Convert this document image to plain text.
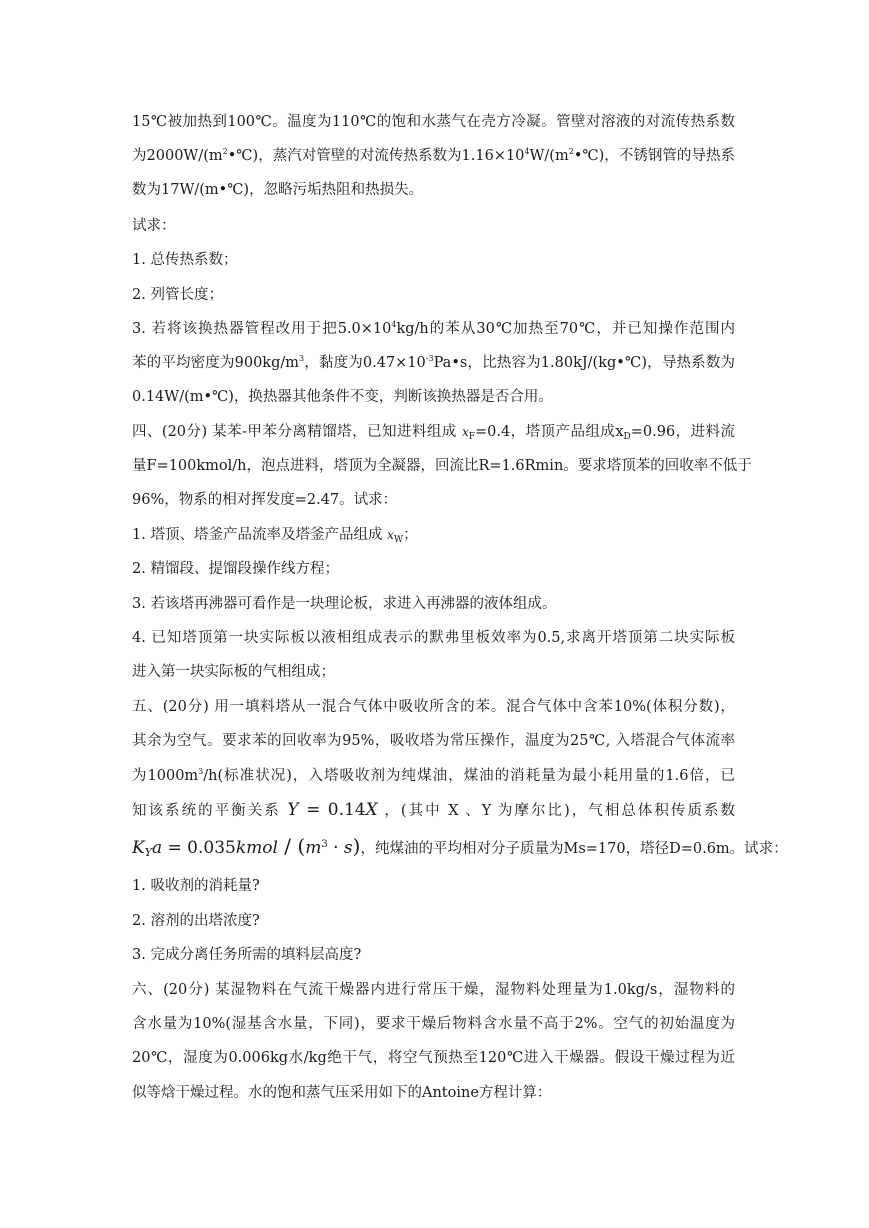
15℃被加热到100℃。温度为110℃的饱和水蒸气在壳方冷凝。管壁对溶液的对流传热系数
为$2000W/(m^2•℃)$，蒸汽对管壁的对流传热系数为$1.16\times 10^4W/(m^2•℃)$，不锈钢管的导热系
数为17W/(m•℃)，忽略污垢热阻和热损失。
试求：
1. 总传热系数；
2. 列管长度；
3. 若将该换热器管程改用于把$5.0\times 10^4kg/h$的苯从30℃加热至70℃，并已知操作范围内
苯的平均密度为$900kg/m^3$，黏度为$0.47\times 10^{-3}Pa•s$，比热容为1.80kJ/(kg•℃)，导热系数为
0.14W/(m•℃)，换热器其他条件不变，判断该换热器是否合用。
四、(20分) 某苯-甲苯分离精馏塔，已知进料组成 $x_F=0.4$，塔顶产品组成$x_D=0.96$，进料流
量F=100kmol/h，泡点进料，塔顶为全凝器，回流比R=1.6Rmin。要求塔顶苯的回收率不低于
96%，物系的相对挥发度=2.47。试求：
1. 塔顶、塔釜产品流率及塔釜产品组成 $x_W$；
2. 精馏段、提馏段操作线方程；
3. 若该塔再沸器可看作是一块理论板，求进入再沸器的液体组成。
4. 已知塔顶第一块实际板以液相组成表示的默弗里板效率为0.5,求离开塔顶第二块实际板
进入第一块实际板的气相组成；
五、(20分) 用一填料塔从一混合气体中吸收所含的苯。混合气体中含苯10%(体积分数)，
其余为空气。要求苯的回收率为95%，吸收塔为常压操作，温度为25℃, 入塔混合气体流率
为$1000m^3/h$(标准状况)，入塔吸收剂为纯煤油，煤油的消耗量为最小耗用量的1.6倍，已
知该系统的平衡关系 Y = 0.14X ，(其中 X 、Y 为摩尔比)，气相总体积传质系数
$K_Ya$ = 0.035kmol / $(m^3 \cdot s)$，纯煤油的平均相对分子质量为Ms=170，塔径D=0.6m。试求：
1. 吸收剂的消耗量?
2. 溶剂的出塔浓度?
3. 完成分离任务所需的填料层高度?
六、(20分) 某湿物料在气流干燥器内进行常压干燥，湿物料处理量为1.0kg/s，湿物料的
含水量为10%(湿基含水量，下同)，要求干燥后物料含水量不高于2%。空气的初始温度为
20℃，湿度为0.006kg水/kg绝干气，将空气预热至120℃进入干燥器。假设干燥过程为近
似等焓干燥过程。水的饱和蒸气压采用如下的Antoine方程计算：
